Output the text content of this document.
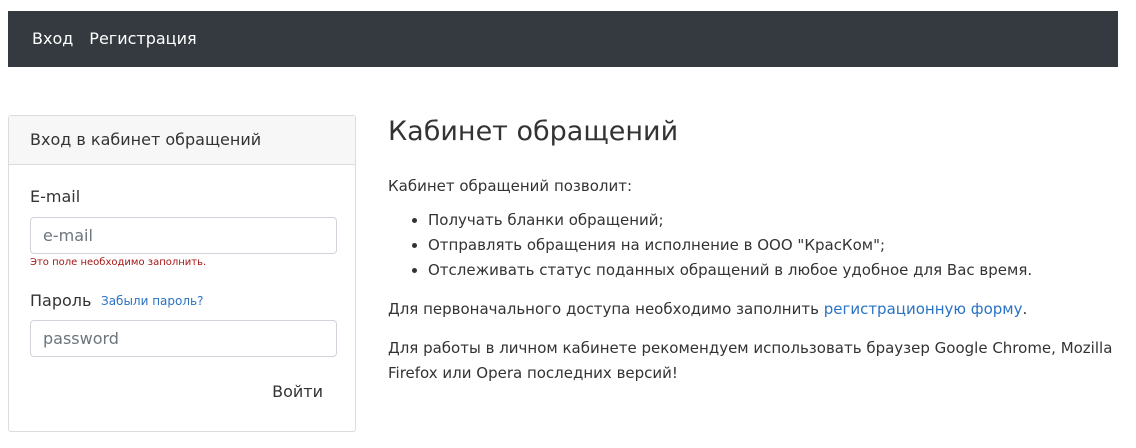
Вход Регистрация
Вход в кабинет обращений
E-mail
e-mail
Это поле необходимо заполнить.
Пароль Забыли пароль?
Войти
Кабинет обращений

Кабинет обращений позволит:

• Получать бланки обращений;
• Отправлять обращения на исполнение в ООО "КрасКом";
• Отслеживать статус поданных обращений в любое удобное для Вас время.

Для первоначального доступа необходимо заполнить регистрационную форму.

Для работы в личном кабинете рекомендуем использовать браузер Google Chrome, Mozilla Firefox или Opera последних версий!
